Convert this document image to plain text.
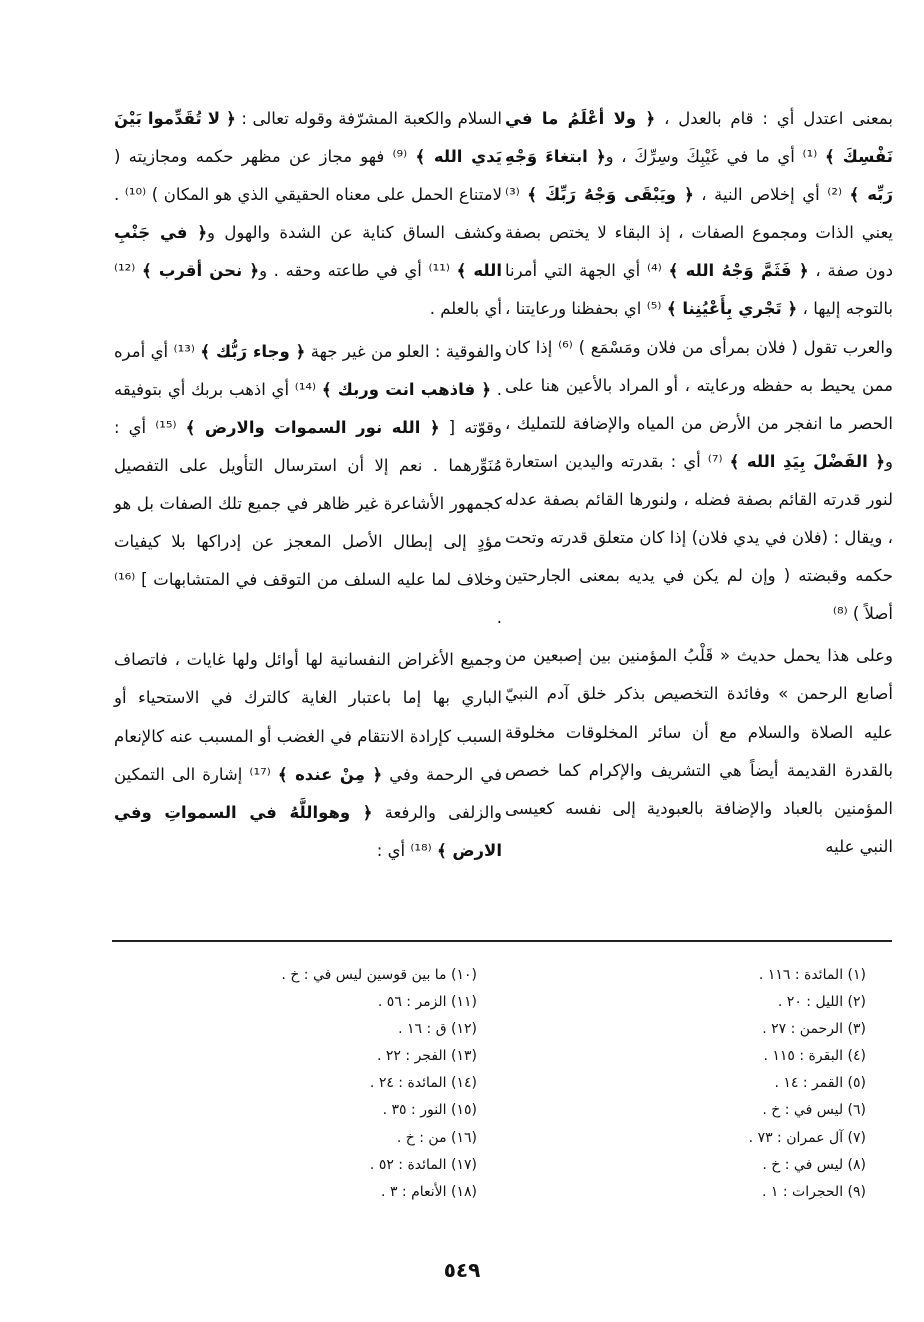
بمعنى اعتدل أي : قام بالعدل ، ﴿ ولا أعْلَمُ ما في نَفْسِكَ ﴾ ⁽¹⁾ أي ما في غَيْبِكَ وسِرِّكَ ، و﴿ ابتغاءَ وَجْهِ رَبِّه ﴾ ⁽²⁾ أي إخلاص النية ، ﴿ ويَبْقَى وَجْهُ رَبِّكَ ﴾ ⁽³⁾ يعني الذات ومجموع الصفات ، إذ البقاء لا يختص بصفة دون صفة ، ﴿ فَثَمَّ وَجْهُ الله ﴾ ⁽⁴⁾ أي الجهة التي أمرنا بالتوجه إليها ، ﴿ تَجْري بِأَعْيُنِنا ﴾ ⁽⁵⁾ اي بحفظنا ورعايتنا ، والعرب تقول ( فلان بمرأى من فلان ومَسْمَع ) ⁽⁶⁾ إذا كان ممن يحيط به حفظه ورعايته ، أو المراد بالأعين هنا على الحصر ما انفجر من الأرض من المياه والإضافة للتمليك ، و﴿ الفَضْلَ بِيَدِ الله ﴾ ⁽⁷⁾ أي : بقدرته واليدين استعارة لنور قدرته القائم بصفة فضله ، ولنورها القائم بصفة عدله ، ويقال : (فلان في يدي فلان) إذا كان متعلق قدرته وتحت حكمه وقبضته ( وإن لم يكن في يديه بمعنى الجارحتين أصلاً ) ⁽⁸⁾

وعلى هذا يحمل حديث « قَلْبُ المؤمنين بين إصبعين من أصابع الرحمن » وفائدة التخصيص بذكر خلق آدم النبيّ عليه الصلاة والسلام مع أن سائر المخلوقات مخلوقة بالقدرة القديمة أيضاً هي التشريف والإكرام كما خصص المؤمنين بالعباد والإضافة بالعبودية إلى نفسه كعيسى النبي عليه

السلام والكعبة المشرّفة وقوله تعالى : ﴿ لا تُقَدِّموا بَيْنَ يَدي الله ﴾ ⁽⁹⁾ فهو مجاز عن مظهر حكمه ومجازيته ( لامتناع الحمل على معناه الحقيقي الذي هو المكان ) ⁽¹⁰⁾ . وكشف الساق كناية عن الشدة والهول و﴿ في جَنْبِ الله ﴾ ⁽¹¹⁾ أي في طاعته وحقه . و﴿ نحن أقرب ﴾ ⁽¹²⁾ أي بالعلم .

والفوقية : العلو من غير جهة ﴿ وجاء رَبُّك ﴾ ⁽¹³⁾ أي أمره . ﴿ فاذهب انت وربك ﴾ ⁽¹⁴⁾ أي اذهب بربك أي بتوفيقه وقوّته [ ﴿ الله نور السموات والارض ﴾ ⁽¹⁵⁾ أي : مُنَوِّرهما . نعم إلا أن استرسال التأويل على التفصيل كجمهور الأشاعرة غير ظاهر في جميع تلك الصفات بل هو مؤدٍ إلى إبطال الأصل المعجز عن إدراكها بلا كيفيات وخلاف لما عليه السلف من التوقف في المتشابهات ] ⁽¹⁶⁾ .

وجميع الأغراض النفسانية لها أوائل ولها غايات ، فاتصاف الباري بها إما باعتبار الغاية كالترك في الاستحياء أو السبب كإرادة الانتقام في الغضب أو المسبب عنه كالإنعام في الرحمة وفي ﴿ مِنْ عنده ﴾ ⁽¹⁷⁾ إشارة الى التمكين والزلفى والرفعة ﴿ وهواللَّهُ في السمواتِ وفي الارض ﴾ ⁽¹⁸⁾ أي :

(١) المائدة : ١١٦ .
(٢) الليل : ٢٠ .
(٣) الرحمن : ٢٧ .
(٤) البقرة : ١١٥ .
(٥) القمر : ١٤ .
(٦) ليس في : خ .
(٧) آل عمران : ٧٣ .
(٨) ليس في : خ .
(٩) الحجرات : ١ .
(١٠) ما بين قوسين ليس في : خ .
(١١) الزمر : ٥٦ .
(١٢) ق : ١٦ .
(١٣) الفجر : ٢٢ .
(١٤) المائدة : ٢٤ .
(١٥) النور : ٣٥ .
(١٦) من : خ .
(١٧) المائدة : ٥٢ .
(١٨) الأنعام : ٣ .
٥٤٩
